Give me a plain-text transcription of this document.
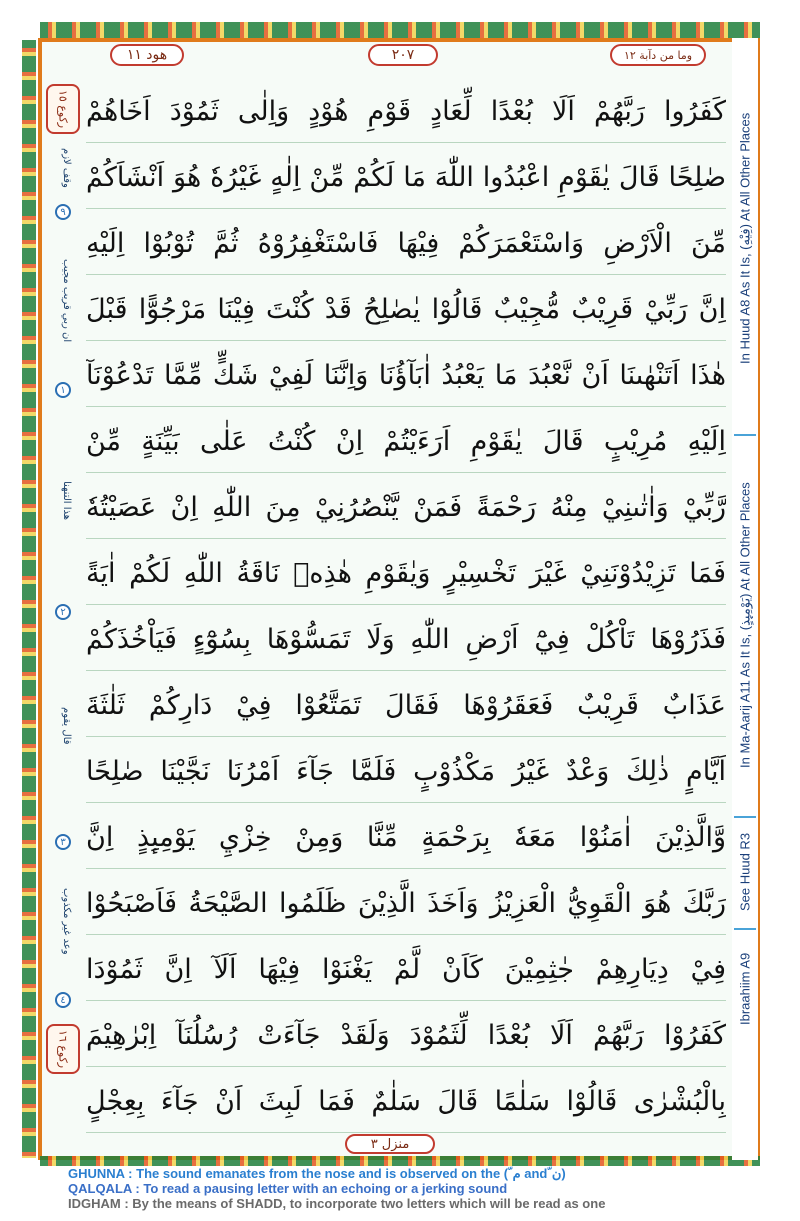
هود ١١	٢٠٧	وما من دآبة ١٢
ركوع ١٥
وقف لازم
٩
ان ربي قريب مجيب
١
هذا التنهنا
٢
قال يقوم
٣
وعد غير مكذوب
٤
ركوع ١٦
كَفَرُوا رَبَّهُمْ اَلَا بُعْدًا لِّعَادٍ قَوْمِ هُوْدٍ وَاِلٰى ثَمُوْدَ اَخَاهُمْ
صٰلِحًا قَالَ يٰقَوْمِ اعْبُدُوا اللّٰهَ مَا لَكُمْ مِّنْ اِلٰهٍ غَيْرُهٗ هُوَ اَنْشَاَكُمْ
مِّنَ الْاَرْضِ وَاسْتَعْمَرَكُمْ فِيْهَا فَاسْتَغْفِرُوْهُ ثُمَّ تُوْبُوْا اِلَيْهِ
اِنَّ رَبِّيْ قَرِيْبٌ مُّجِيْبٌ قَالُوْا يٰصٰلِحُ قَدْ كُنْتَ فِيْنَا مَرْجُوًّا قَبْلَ
هٰذَا اَتَنْهٰىنَا اَنْ نَّعْبُدَ مَا يَعْبُدُ اٰبَآؤُنَا وَاِنَّنَا لَفِيْ شَكٍّ مِّمَّا تَدْعُوْنَآ
اِلَيْهِ مُرِيْبٍ قَالَ يٰقَوْمِ اَرَءَيْتُمْ اِنْ كُنْتُ عَلٰى بَيِّنَةٍ مِّنْ
رَّبِّيْ وَاٰتٰىنِيْ مِنْهُ رَحْمَةً فَمَنْ يَّنْصُرُنِيْ مِنَ اللّٰهِ اِنْ عَصَيْتُهٗ
فَمَا تَزِيْدُوْنَنِيْ غَيْرَ تَخْسِيْرٍ وَيٰقَوْمِ هٰذِهٖ نَاقَةُ اللّٰهِ لَكُمْ اٰيَةً
فَذَرُوْهَا تَاْكُلْ فِيْٓ اَرْضِ اللّٰهِ وَلَا تَمَسُّوْهَا بِسُوْٓءٍ فَيَاْخُذَكُمْ
عَذَابٌ قَرِيْبٌ فَعَقَرُوْهَا فَقَالَ تَمَتَّعُوْا فِيْ دَارِكُمْ ثَلٰثَةَ
اَيَّامٍ ذٰلِكَ وَعْدٌ غَيْرُ مَكْذُوْبٍ فَلَمَّا جَآءَ اَمْرُنَا نَجَّيْنَا صٰلِحًا
وَّالَّذِيْنَ اٰمَنُوْا مَعَهٗ بِرَحْمَةٍ مِّنَّا وَمِنْ خِزْيِ يَوْمِىِٕذٍ اِنَّ
رَبَّكَ هُوَ الْقَوِيُّ الْعَزِيْزُ وَاَخَذَ الَّذِيْنَ ظَلَمُوا الصَّيْحَةُ فَاَصْبَحُوْا
فِيْ دِيَارِهِمْ جٰثِمِيْنَ كَاَنْ لَّمْ يَغْنَوْا فِيْهَا اَلَآ اِنَّ ثَمُوْدَا
كَفَرُوْا رَبَّهُمْ اَلَا بُعْدًا لِّثَمُوْدَ وَلَقَدْ جَآءَتْ رُسُلُنَآ اِبْرٰهِيْمَ
بِالْبُشْرٰى قَالُوْا سَلٰمًا قَالَ سَلٰمٌ فَمَا لَبِثَ اَنْ جَآءَ بِعِجْلٍ
منزل ٣
In Huud A8 As It Is, (فِيْهِ) At All Other Places
In Ma-Aarij A11 As It Is, (يَوْمِىِٕذٍ) At All Other Places
See Huud R3
Ibraahiim A9
GHUNNA : The sound emanates from the nose and is observed on the ( ّم and ّن)
QALQALA : To read a pausing letter with an echoing or a jerking sound
IDGHAM : By the means of SHADD, to incorporate two letters which will be read as one
